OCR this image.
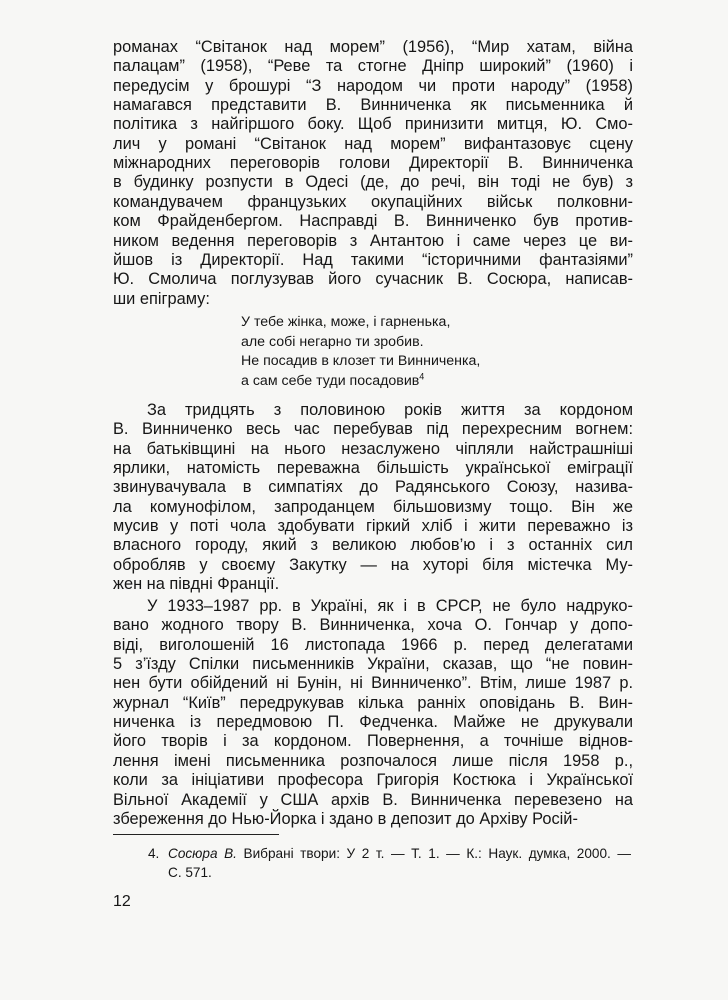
романах “Світанок над морем” (1956), “Мир хатам, війна
палацам” (1958), “Реве та стогне Дніпр широкий” (1960) і
передусім у брошурі “З народом чи проти народу” (1958)
намагався представити В. Винниченка як письменника й
політика з найгіршого боку. Щоб принизити митця, Ю. Смо-
лич у романі “Світанок над морем” вифантазовує сцену
міжнародних переговорів голови Директорії В. Винниченка
в будинку розпусти в Одесі (де, до речі, він тоді не був) з
командувачем французьких окупаційних військ полковни-
ком Фрайденбергом. Насправді В. Винниченко був против-
ником ведення переговорів з Антантою і саме через це ви-
йшов із Директорії. Над такими “історичними фантазіями”
Ю. Смолича поглузував його сучасник В. Сосюра, написав-
ши епіграму:
У тебе жінка, може, і гарненька,
але собі негарно ти зробив.
Не посадив в клозет ти Винниченка,
а сам себе туди посадовив$^4$
За тридцять з половиною років життя за кордоном
В. Винниченко весь час перебував під перехресним вогнем:
на батьківщині на нього незаслужено чіпляли найстрашніші
ярлики, натомість переважна більшість української еміграції
звинувачувала в симпатіях до Радянського Союзу, назива-
ла комунофілом, запроданцем більшовизму тощо. Він же
мусив у поті чола здобувати гіркий хліб і жити переважно із
власного городу, який з великою любов’ю і з останніх сил
обробляв у своєму Закутку — на хуторі біля містечка Му-
жен на півдні Франції.
У 1933–1987 рр. в Україні, як і в СРСР, не було надруко-
вано жодного твору В. Винниченка, хоча О. Гончар у допо-
віді, виголошеній 16 листопада 1966 р. перед делегатами
5 з’їзду Спілки письменників України, сказав, що “не повин-
нен бути обійдений ні Бунін, ні Винниченко”. Втім, лише 1987 р.
журнал “Київ” передрукував кілька ранніх оповідань В. Вин-
ниченка із передмовою П. Федченка. Майже не друкували
його творів і за кордоном. Повернення, а точніше віднов-
лення імені письменника розпочалося лише після 1958 р.,
коли за ініціативи професора Григорія Костюка і Української
Вільної Академії у США архів В. Винниченка перевезено на
збереження до Нью-Йорка і здано в депозит до Архіву Росій-
4. Сосюра В. Вибрані твори: У 2 т. — Т. 1. — К.: Наук. думка, 2000. —
С. 571.
12
